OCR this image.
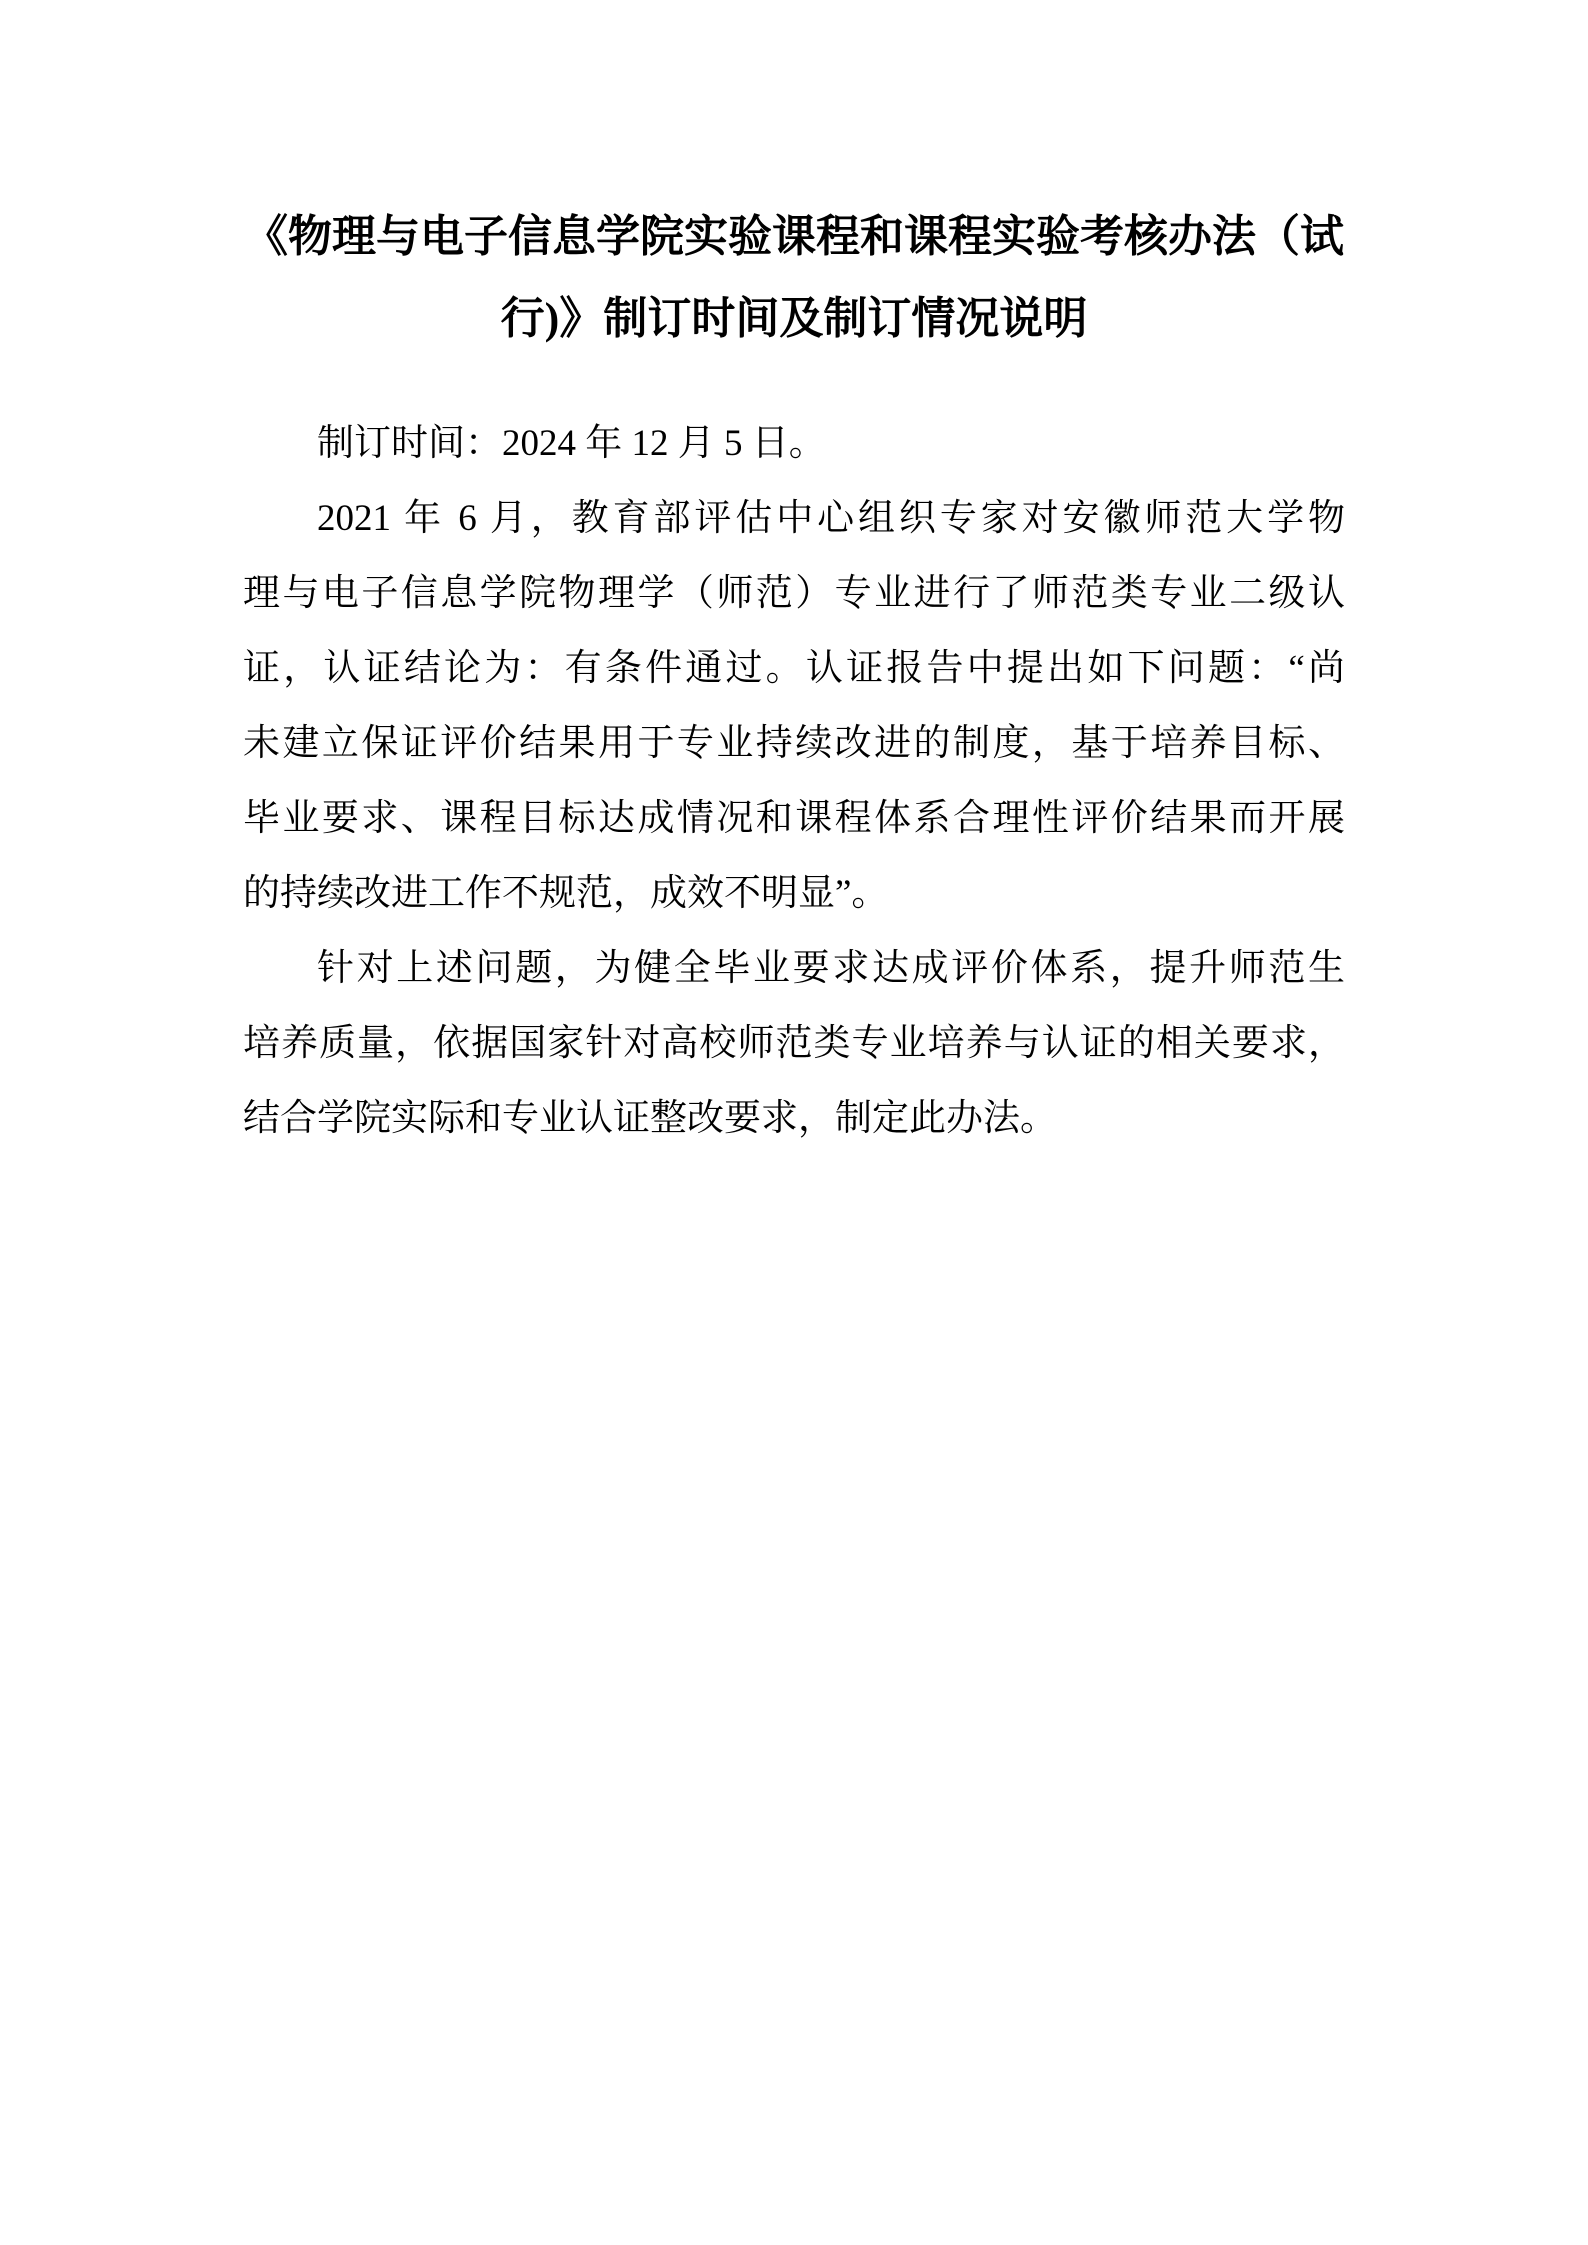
《物理与电子信息学院实验课程和课程实验考核办法（试
行)》制订时间及制订情况说明
制订时间：2024 年 12 月 5 日。
2021 年 6 月，教育部评估中心组织专家对安徽师范大学物
理与电子信息学院物理学（师范）专业进行了师范类专业二级认
证，认证结论为：有条件通过。认证报告中提出如下问题：“尚
未建立保证评价结果用于专业持续改进的制度，基于培养目标、
毕业要求、课程目标达成情况和课程体系合理性评价结果而开展
的持续改进工作不规范，成效不明显”。
针对上述问题，为健全毕业要求达成评价体系，提升师范生
培养质量，依据国家针对高校师范类专业培养与认证的相关要求，
结合学院实际和专业认证整改要求，制定此办法。
